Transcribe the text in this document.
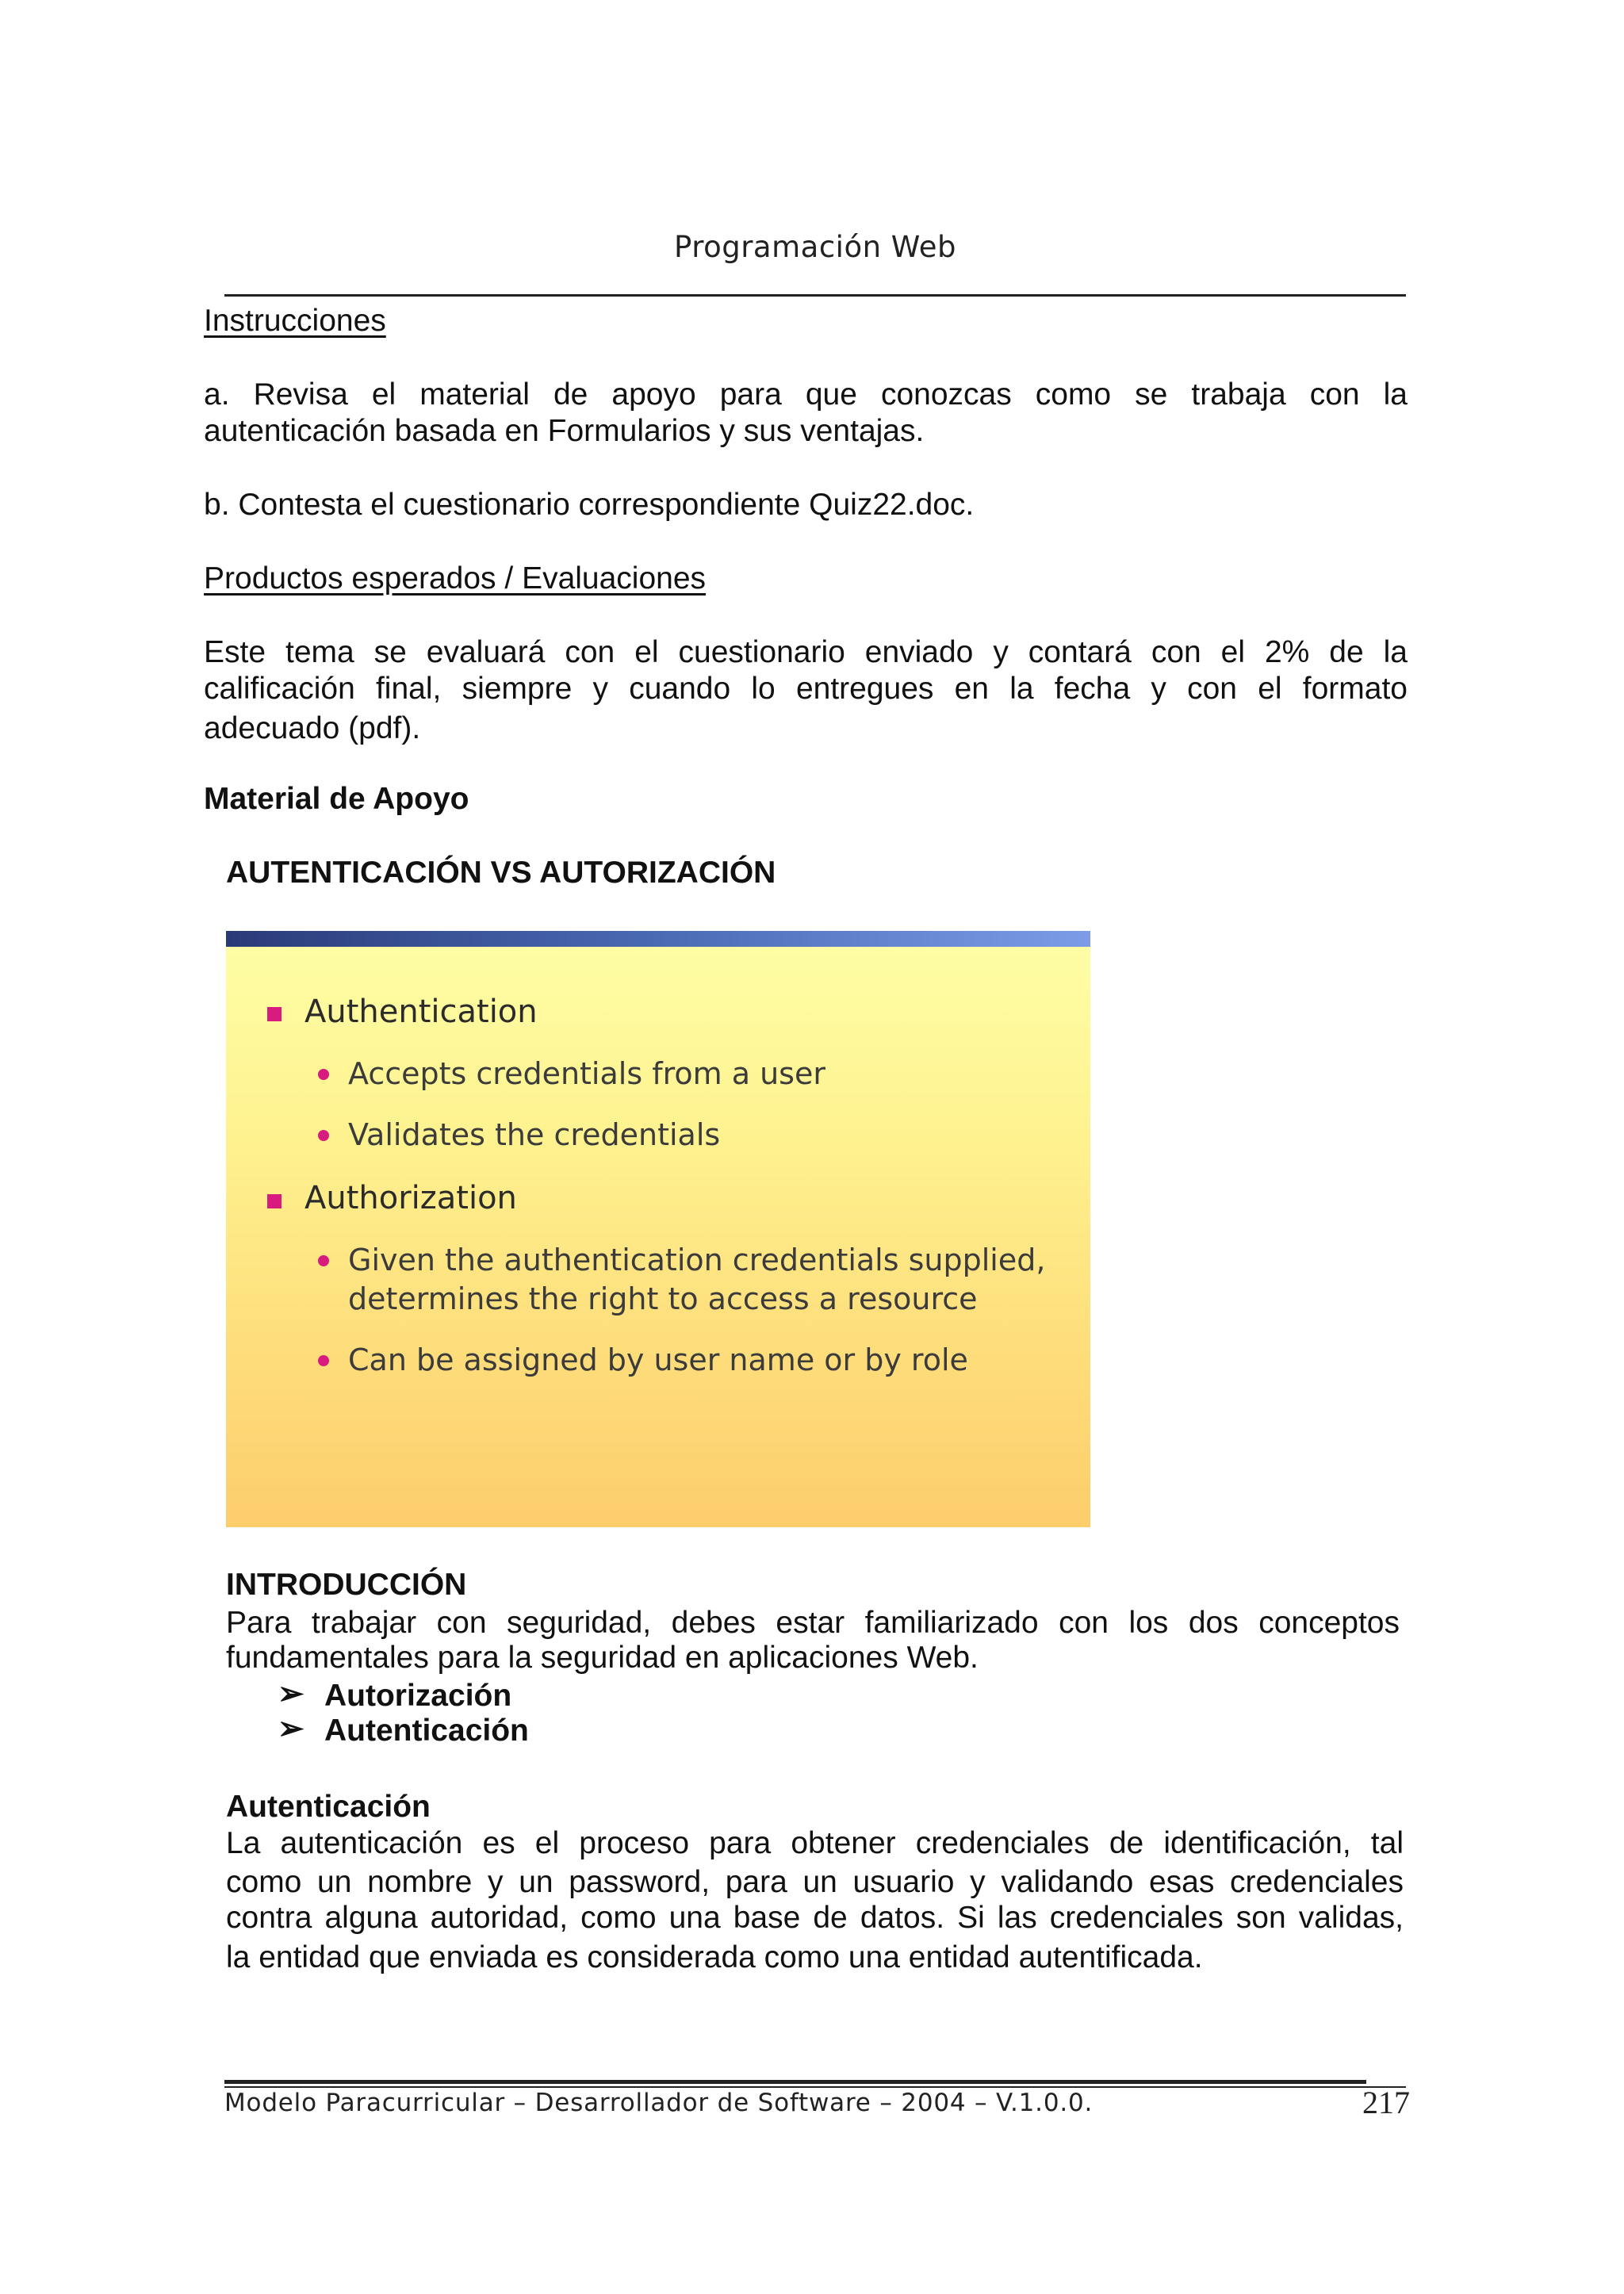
Programación Web
Instrucciones
a. Revisa el material de apoyo para que conozcas como se trabaja con la
autenticación basada en Formularios y sus ventajas.
b. Contesta el cuestionario correspondiente Quiz22.doc.
Productos esperados / Evaluaciones
Este tema se evaluará con el cuestionario enviado y contará con el 2% de la
calificación final, siempre y cuando lo entregues en la fecha y con el formato
adecuado (pdf).
Material de Apoyo
AUTENTICACIÓN VS AUTORIZACIÓN
Authentication
Accepts credentials from a user
Validates the credentials
Authorization
Given the authentication credentials supplied,
determines the right to access a resource
Can be assigned by user name or by role
INTRODUCCIÓN
Para trabajar con seguridad, debes estar familiarizado con los dos conceptos
fundamentales para la seguridad en aplicaciones Web.
➢ Autorización
➢ Autenticación
Autenticación
La autenticación es el proceso para obtener credenciales de identificación, tal
como un nombre y un password, para un usuario y validando esas credenciales
contra alguna autoridad, como una base de datos. Si las credenciales son validas,
la entidad que enviada es considerada como una entidad autentificada.
Modelo Paracurricular – Desarrollador de Software – 2004 – V.1.0.0.	217
